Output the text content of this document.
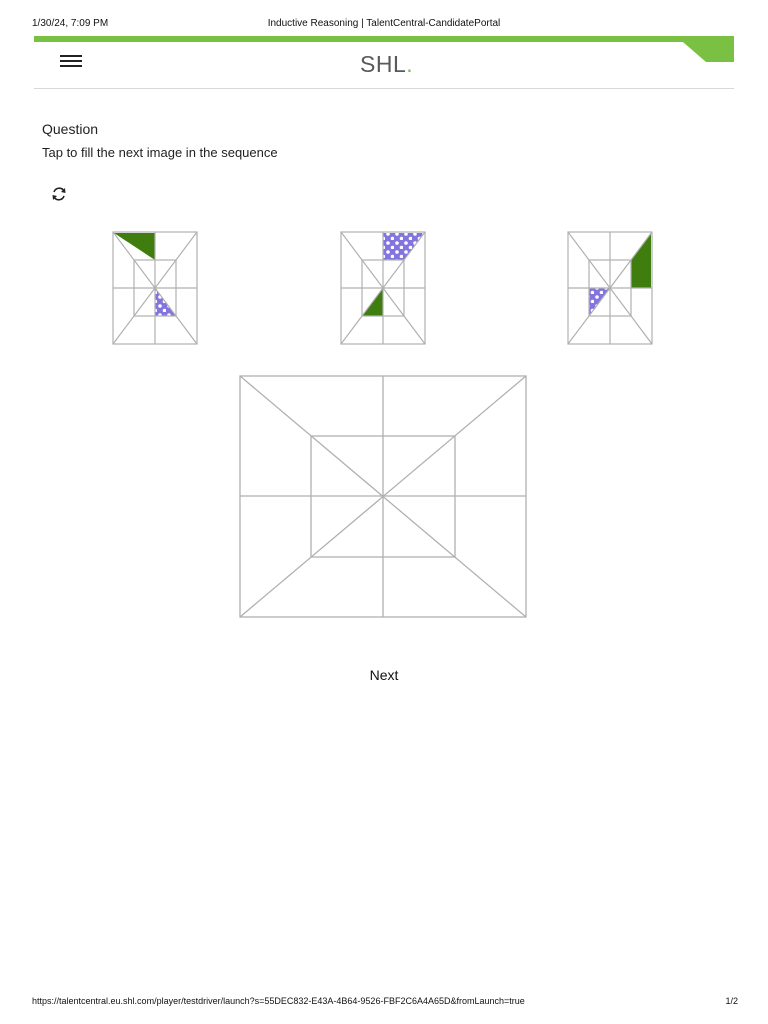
1/30/24, 7:09 PM	Inductive Reasoning | TalentCentral-CandidatePortal
SHL.
Question
Tap to fill the next image in the sequence
Next
https://talentcentral.eu.shl.com/player/testdriver/launch?s=55DEC832-E43A-4B64-9526-FBF2C6A4A65D&fromLaunch=true	1/2
